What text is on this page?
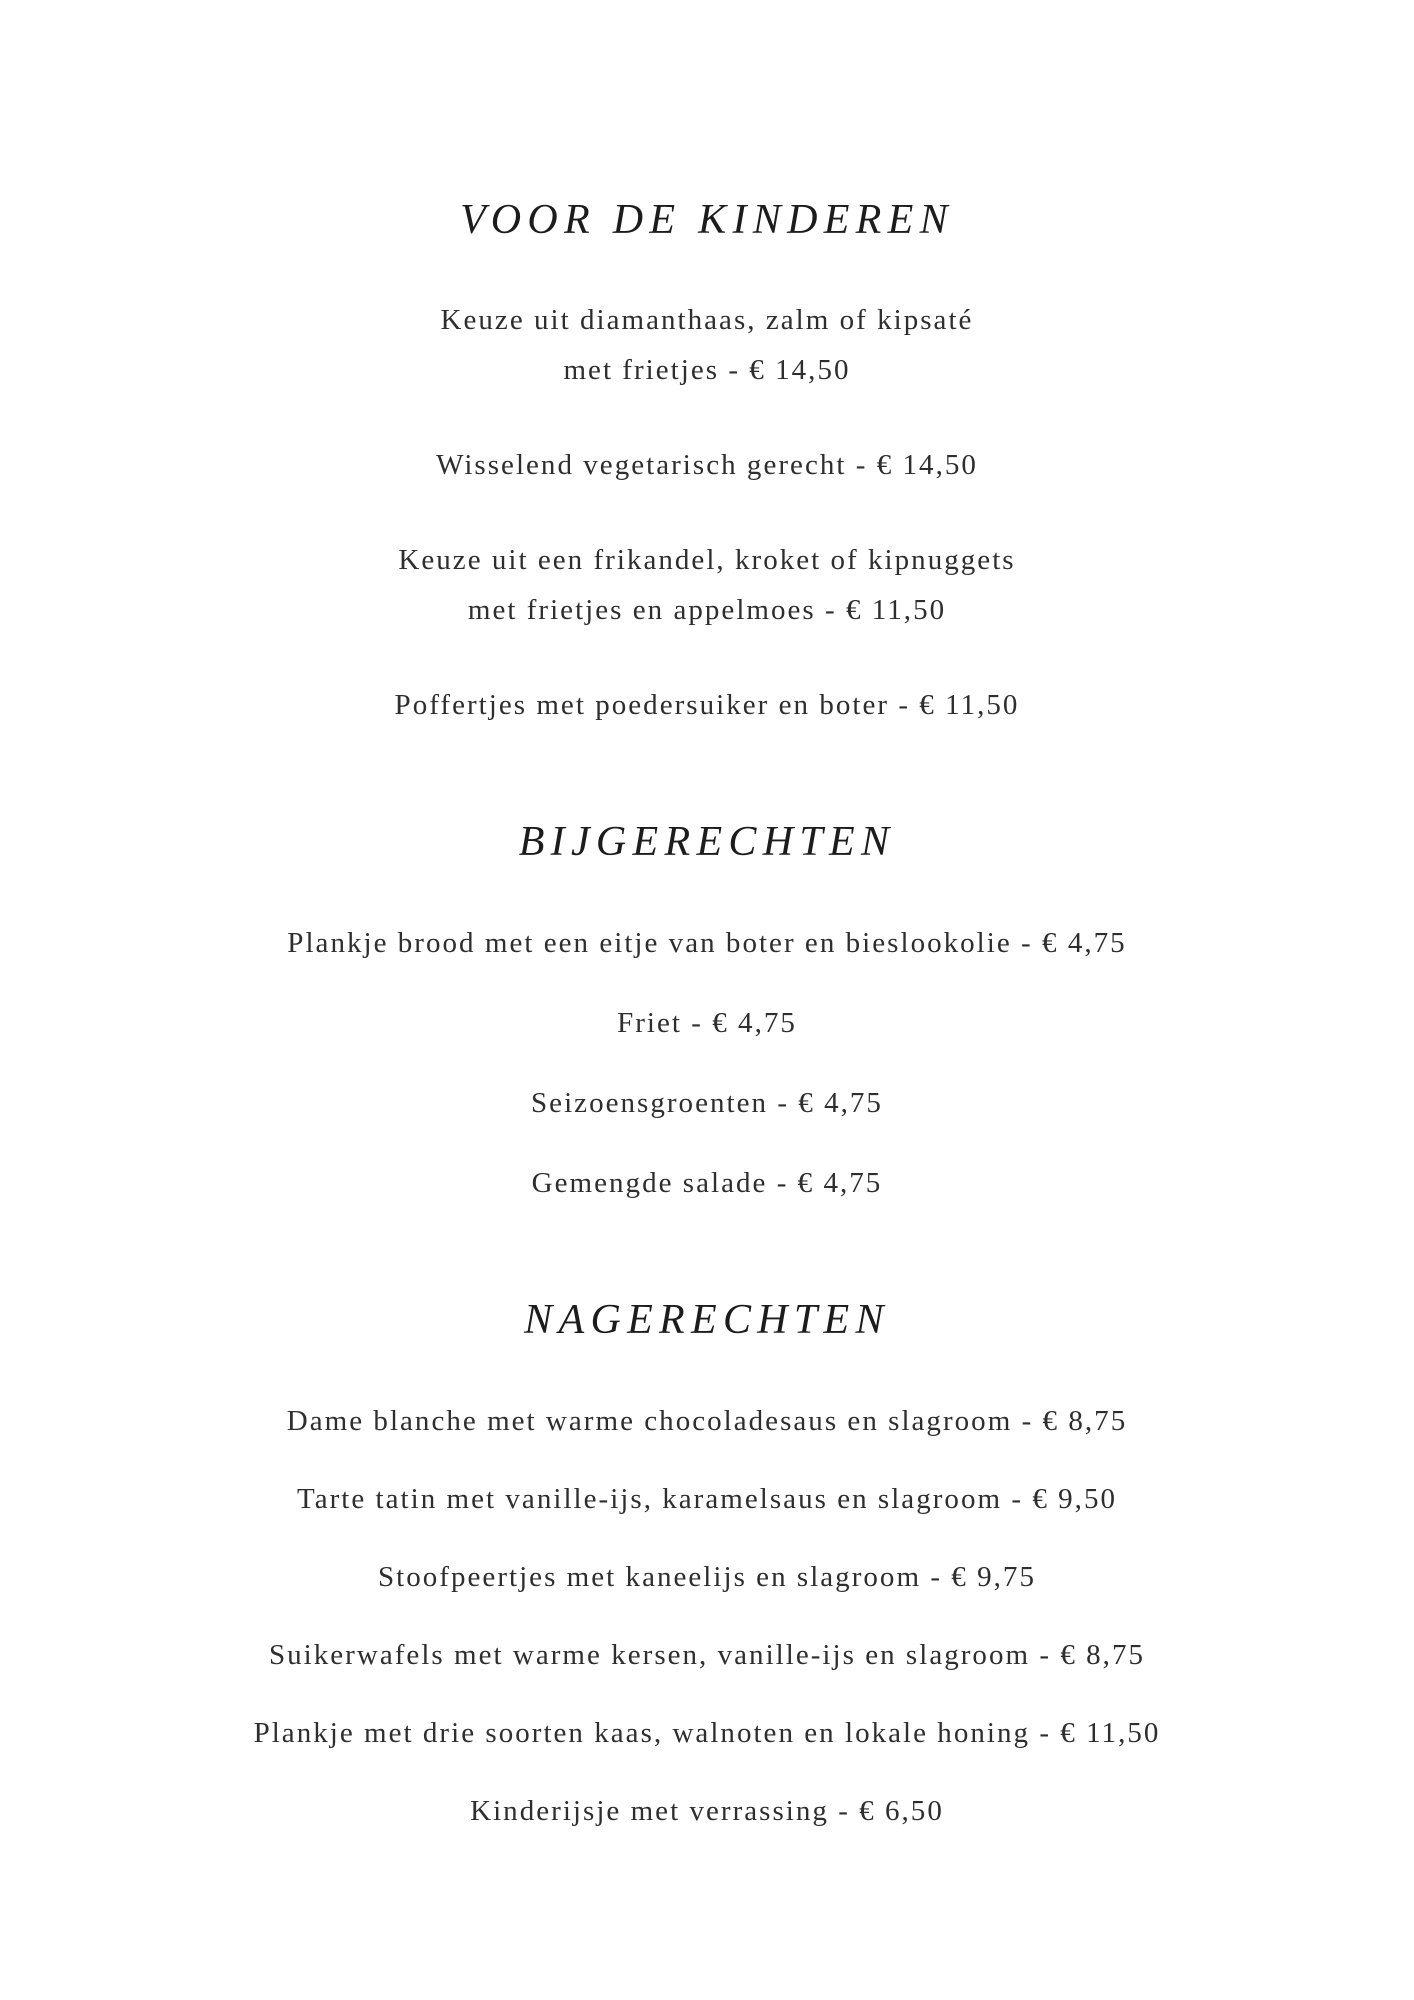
VOOR DE KINDEREN
Keuze uit diamanthaas, zalm of kipsaté
met frietjes - € 14,50
Wisselend vegetarisch gerecht - € 14,50
Keuze uit een frikandel, kroket of kipnuggets
met frietjes en appelmoes - € 11,50
Poffertjes met poedersuiker en boter - € 11,50
BIJGERECHTEN
Plankje brood met een eitje van boter en bieslookolie - € 4,75
Friet - € 4,75
Seizoensgroenten - € 4,75
Gemengde salade - € 4,75
NAGERECHTEN
Dame blanche met warme chocoladesaus en slagroom - € 8,75
Tarte tatin met vanille-ijs, karamelsaus en slagroom - € 9,50
Stoofpeertjes met kaneelijs en slagroom - € 9,75
Suikerwafels met warme kersen, vanille-ijs en slagroom - € 8,75
Plankje met drie soorten kaas, walnoten en lokale honing - € 11,50
Kinderijsje met verrassing - € 6,50
